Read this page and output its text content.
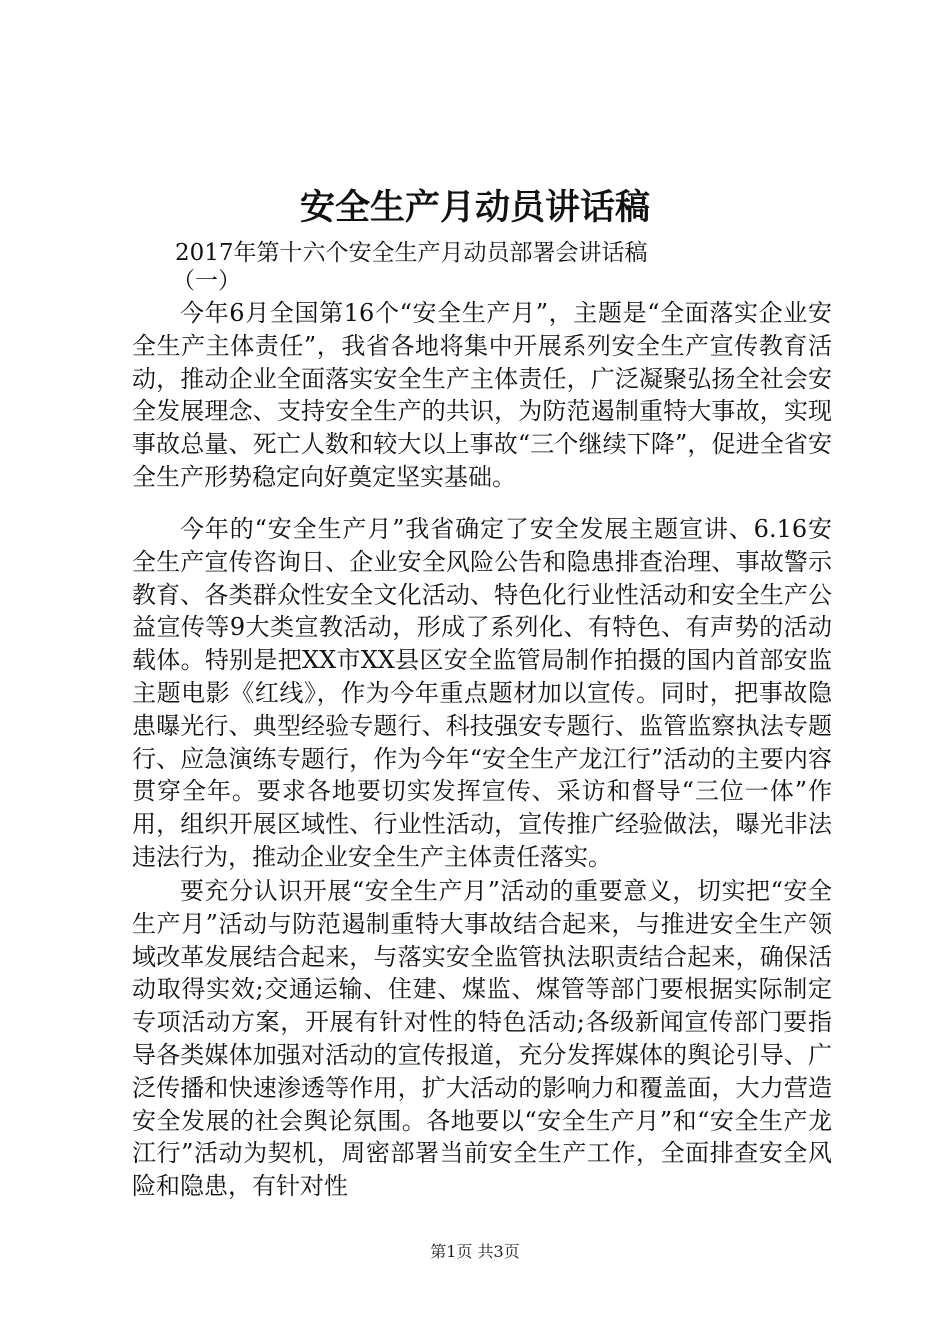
安全生产月动员讲话稿

2017年第十六个安全生产月动员部署会讲话稿

（一）

今年6月全国第16个“安全生产月”，主题是“全面落实企业安全生产主体责任”，我省各地将集中开展系列安全生产宣传教育活动，推动企业全面落实安全生产主体责任，广泛凝聚弘扬全社会安全发展理念、支持安全生产的共识，为防范遏制重特大事故，实现事故总量、死亡人数和较大以上事故“三个继续下降”，促进全省安全生产形势稳定向好奠定坚实基础。

今年的“安全生产月”我省确定了安全发展主题宣讲、6.16安全生产宣传咨询日、企业安全风险公告和隐患排查治理、事故警示教育、各类群众性安全文化活动、特色化行业性活动和安全生产公益宣传等9大类宣教活动，形成了系列化、有特色、有声势的活动载体。特别是把XX市XX县区安全监管局制作拍摄的国内首部安监主题电影《红线》，作为今年重点题材加以宣传。同时，把事故隐患曝光行、典型经验专题行、科技强安专题行、监管监察执法专题行、应急演练专题行，作为今年“安全生产龙江行”活动的主要内容贯穿全年。要求各地要切实发挥宣传、采访和督导“三位一体”作用，组织开展区域性、行业性活动，宣传推广经验做法，曝光非法违法行为，推动企业安全生产主体责任落实。

要充分认识开展“安全生产月”活动的重要意义，切实把“安全生产月”活动与防范遏制重特大事故结合起来，与推进安全生产领域改革发展结合起来，与落实安全监管执法职责结合起来，确保活动取得实效;交通运输、住建、煤监、煤管等部门要根据实际制定专项活动方案，开展有针对性的特色活动;各级新闻宣传部门要指导各类媒体加强对活动的宣传报道，充分发挥媒体的舆论引导、广泛传播和快速渗透等作用，扩大活动的影响力和覆盖面，大力营造安全发展的社会舆论氛围。各地要以“安全生产月”和“安全生产龙江行”活动为契机，周密部署当前安全生产工作，全面排查安全风险和隐患，有针对性

第1页 共3页
